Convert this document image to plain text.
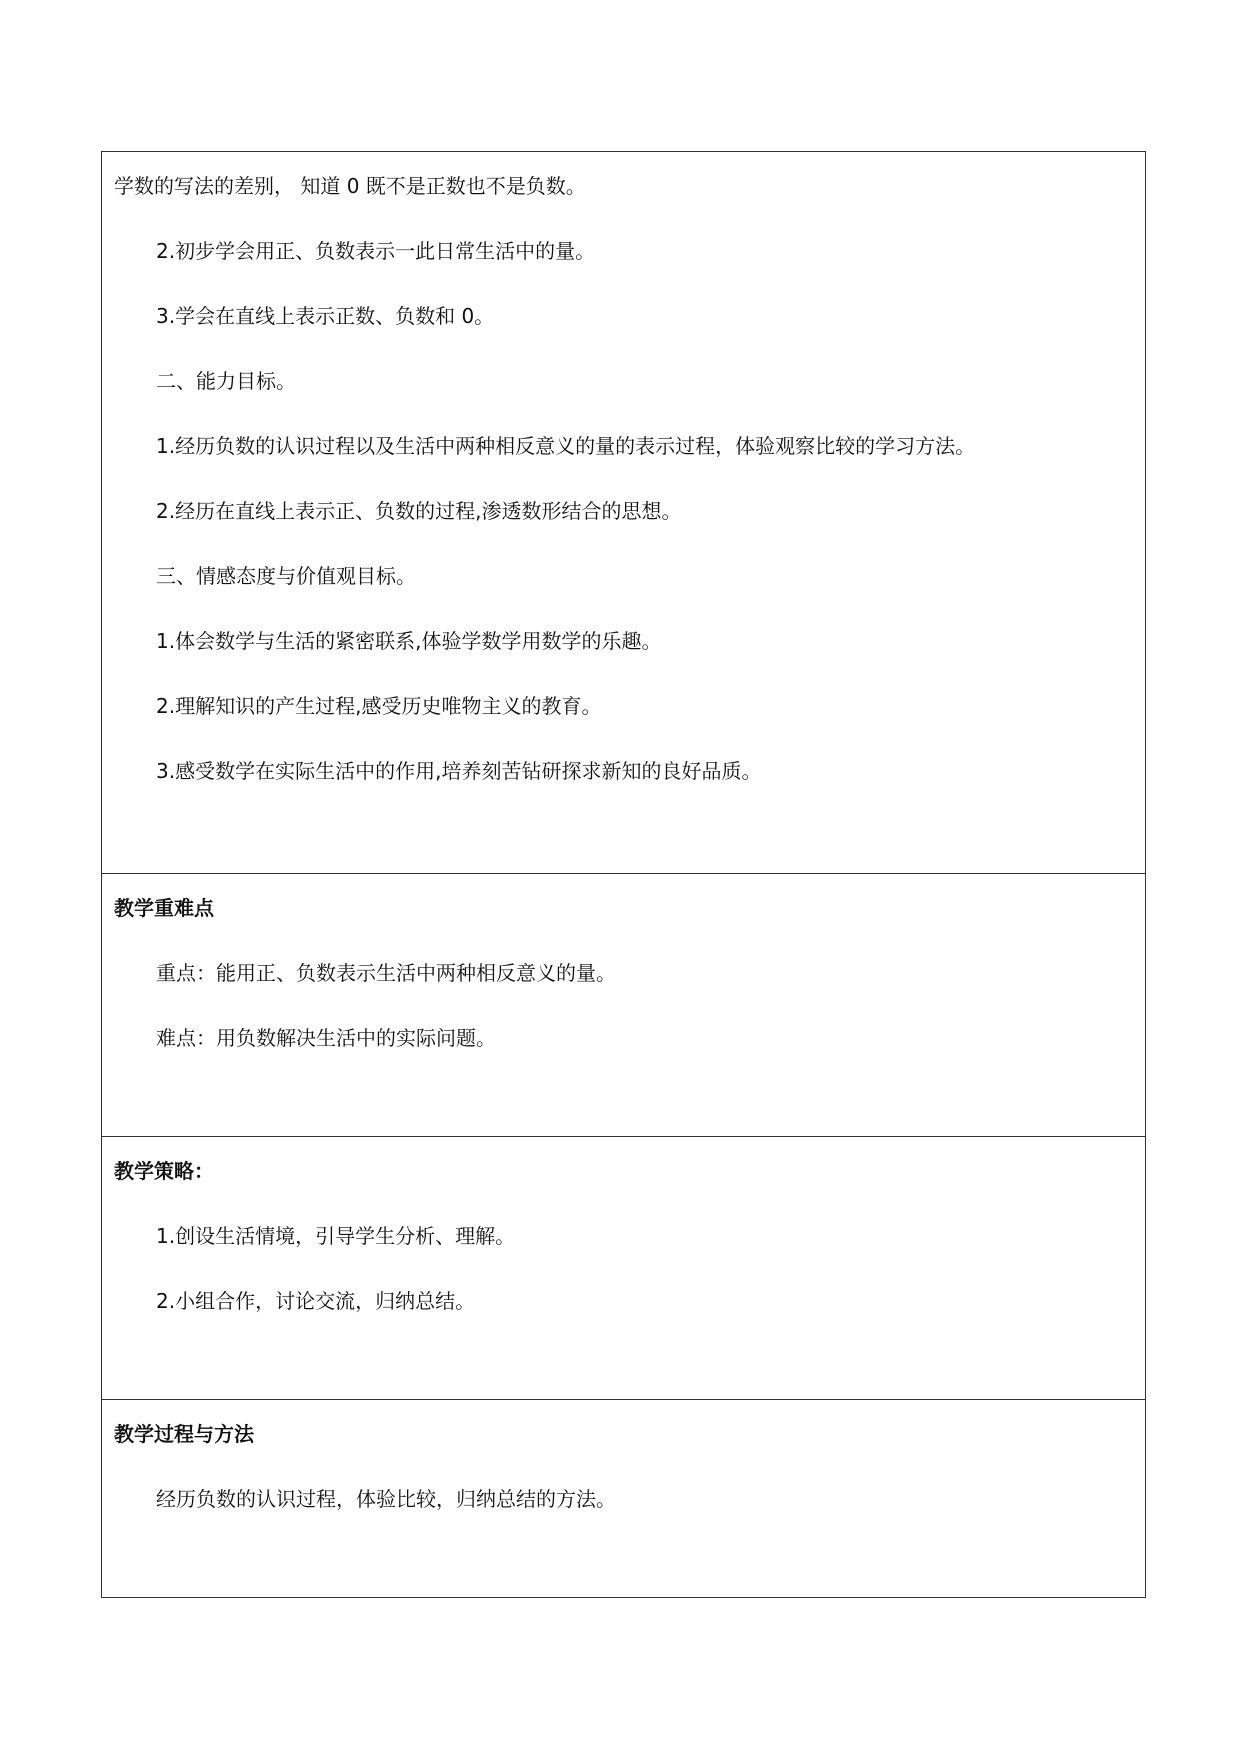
学数的写法的差别， 知道 0 既不是正数也不是负数。

2.初步学会用正、负数表示一此日常生活中的量。

3.学会在直线上表示正数、负数和 0。

二、能力目标。

1.经历负数的认识过程以及生活中两种相反意义的量的表示过程，体验观察比较的学习方法。

2.经历在直线上表示正、负数的过程,渗透数形结合的思想。

三、情感态度与价值观目标。

1.体会数学与生活的紧密联系,体验学数学用数学的乐趣。

2.理解知识的产生过程,感受历史唯物主义的教育。

3.感受数学在实际生活中的作用,培养刻苦钻研探求新知的良好品质。

教学重难点

重点：能用正、负数表示生活中两种相反意义的量。

难点：用负数解决生活中的实际问题。

教学策略：

1.创设生活情境，引导学生分析、理解。

2.小组合作，讨论交流，归纳总结。

教学过程与方法

经历负数的认识过程，体验比较，归纳总结的方法。
